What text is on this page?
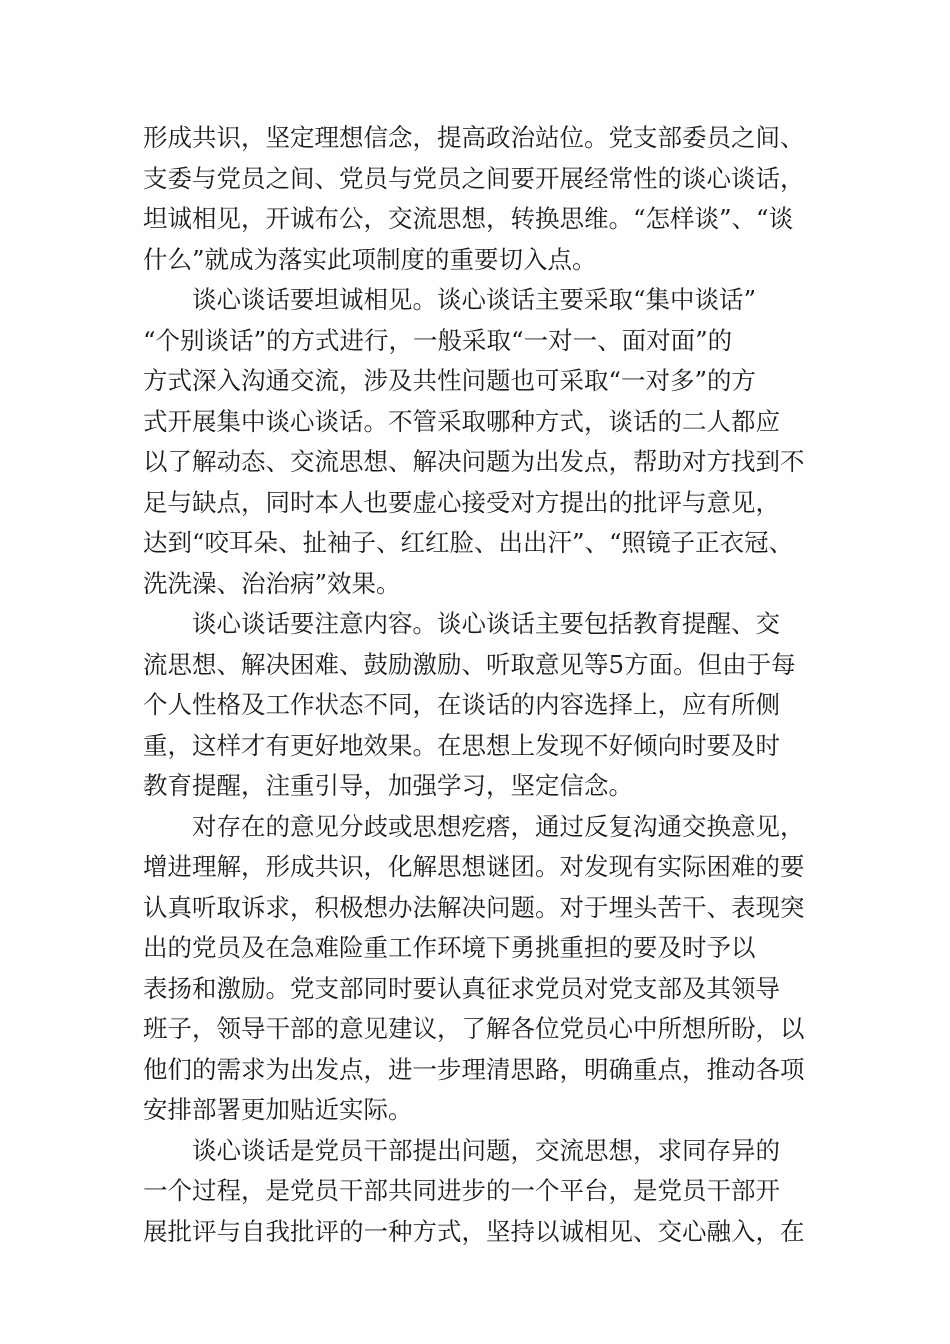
形成共识，坚定理想信念，提高政治站位。党支部委员之间、
支委与党员之间、党员与党员之间要开展经常性的谈心谈话，
坦诚相见，开诚布公，交流思想，转换思维。“怎样谈”、“谈
什么”就成为落实此项制度的重要切入点。
谈心谈话要坦诚相见。谈心谈话主要采取“集中谈话”
“个别谈话”的方式进行，一般采取“一对一、面对面”的
方式深入沟通交流，涉及共性问题也可采取“一对多”的方
式开展集中谈心谈话。不管采取哪种方式，谈话的二人都应
以了解动态、交流思想、解决问题为出发点，帮助对方找到不
足与缺点，同时本人也要虚心接受对方提出的批评与意见，
达到“咬耳朵、扯袖子、红红脸、出出汗”、“照镜子正衣冠、
洗洗澡、治治病”效果。
谈心谈话要注意内容。谈心谈话主要包括教育提醒、交
流思想、解决困难、鼓励激励、听取意见等5方面。但由于每
个人性格及工作状态不同，在谈话的内容选择上，应有所侧
重，这样才有更好地效果。在思想上发现不好倾向时要及时
教育提醒，注重引导，加强学习，坚定信念。
对存在的意见分歧或思想疙瘩，通过反复沟通交换意见，
增进理解，形成共识，化解思想谜团。对发现有实际困难的要
认真听取诉求，积极想办法解决问题。对于埋头苦干、表现突
出的党员及在急难险重工作环境下勇挑重担的要及时予以
表扬和激励。党支部同时要认真征求党员对党支部及其领导
班子，领导干部的意见建议，了解各位党员心中所想所盼，以
他们的需求为出发点，进一步理清思路，明确重点，推动各项
安排部署更加贴近实际。
谈心谈话是党员干部提出问题，交流思想，求同存异的
一个过程，是党员干部共同进步的一个平台，是党员干部开
展批评与自我批评的一种方式，坚持以诚相见、交心融入，在
